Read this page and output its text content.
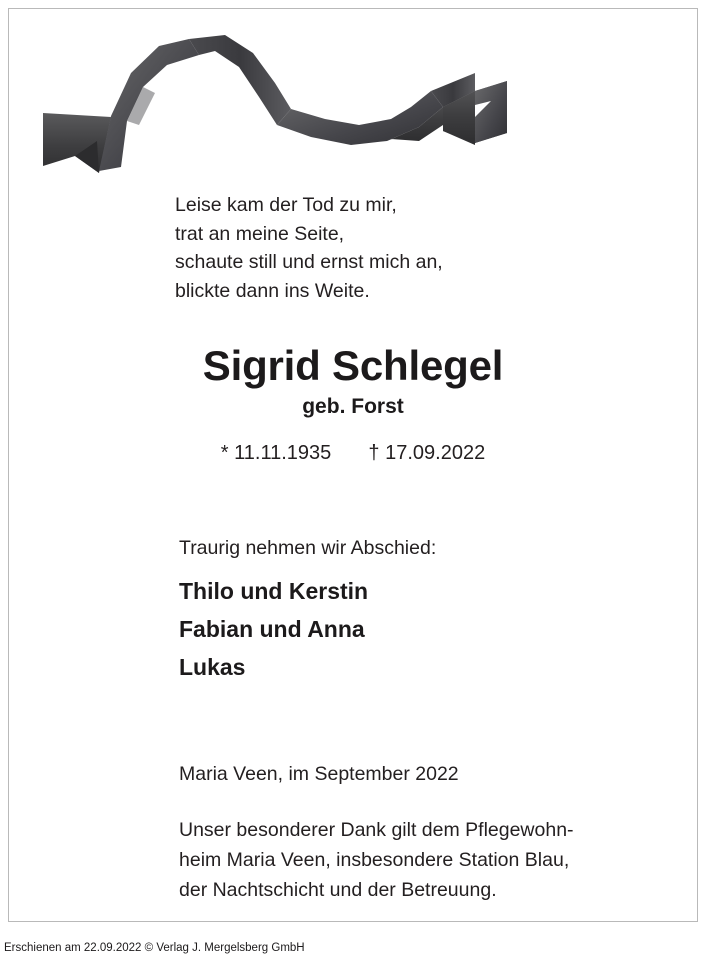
Leise kam der Tod zu mir,
trat an meine Seite,
schaute still und ernst mich an,
blickte dann ins Weite.
Sigrid Schlegel
geb. Forst
* 11.11.1935 † 17.09.2022
Traurig nehmen wir Abschied:
Thilo und Kerstin
Fabian und Anna
Lukas
Maria Veen, im September 2022
Unser besonderer Dank gilt dem Pflegewohn-
heim Maria Veen, insbesondere Station Blau,
der Nachtschicht und der Betreuung.
Erschienen am 22.09.2022 © Verlag J. Mergelsberg GmbH
